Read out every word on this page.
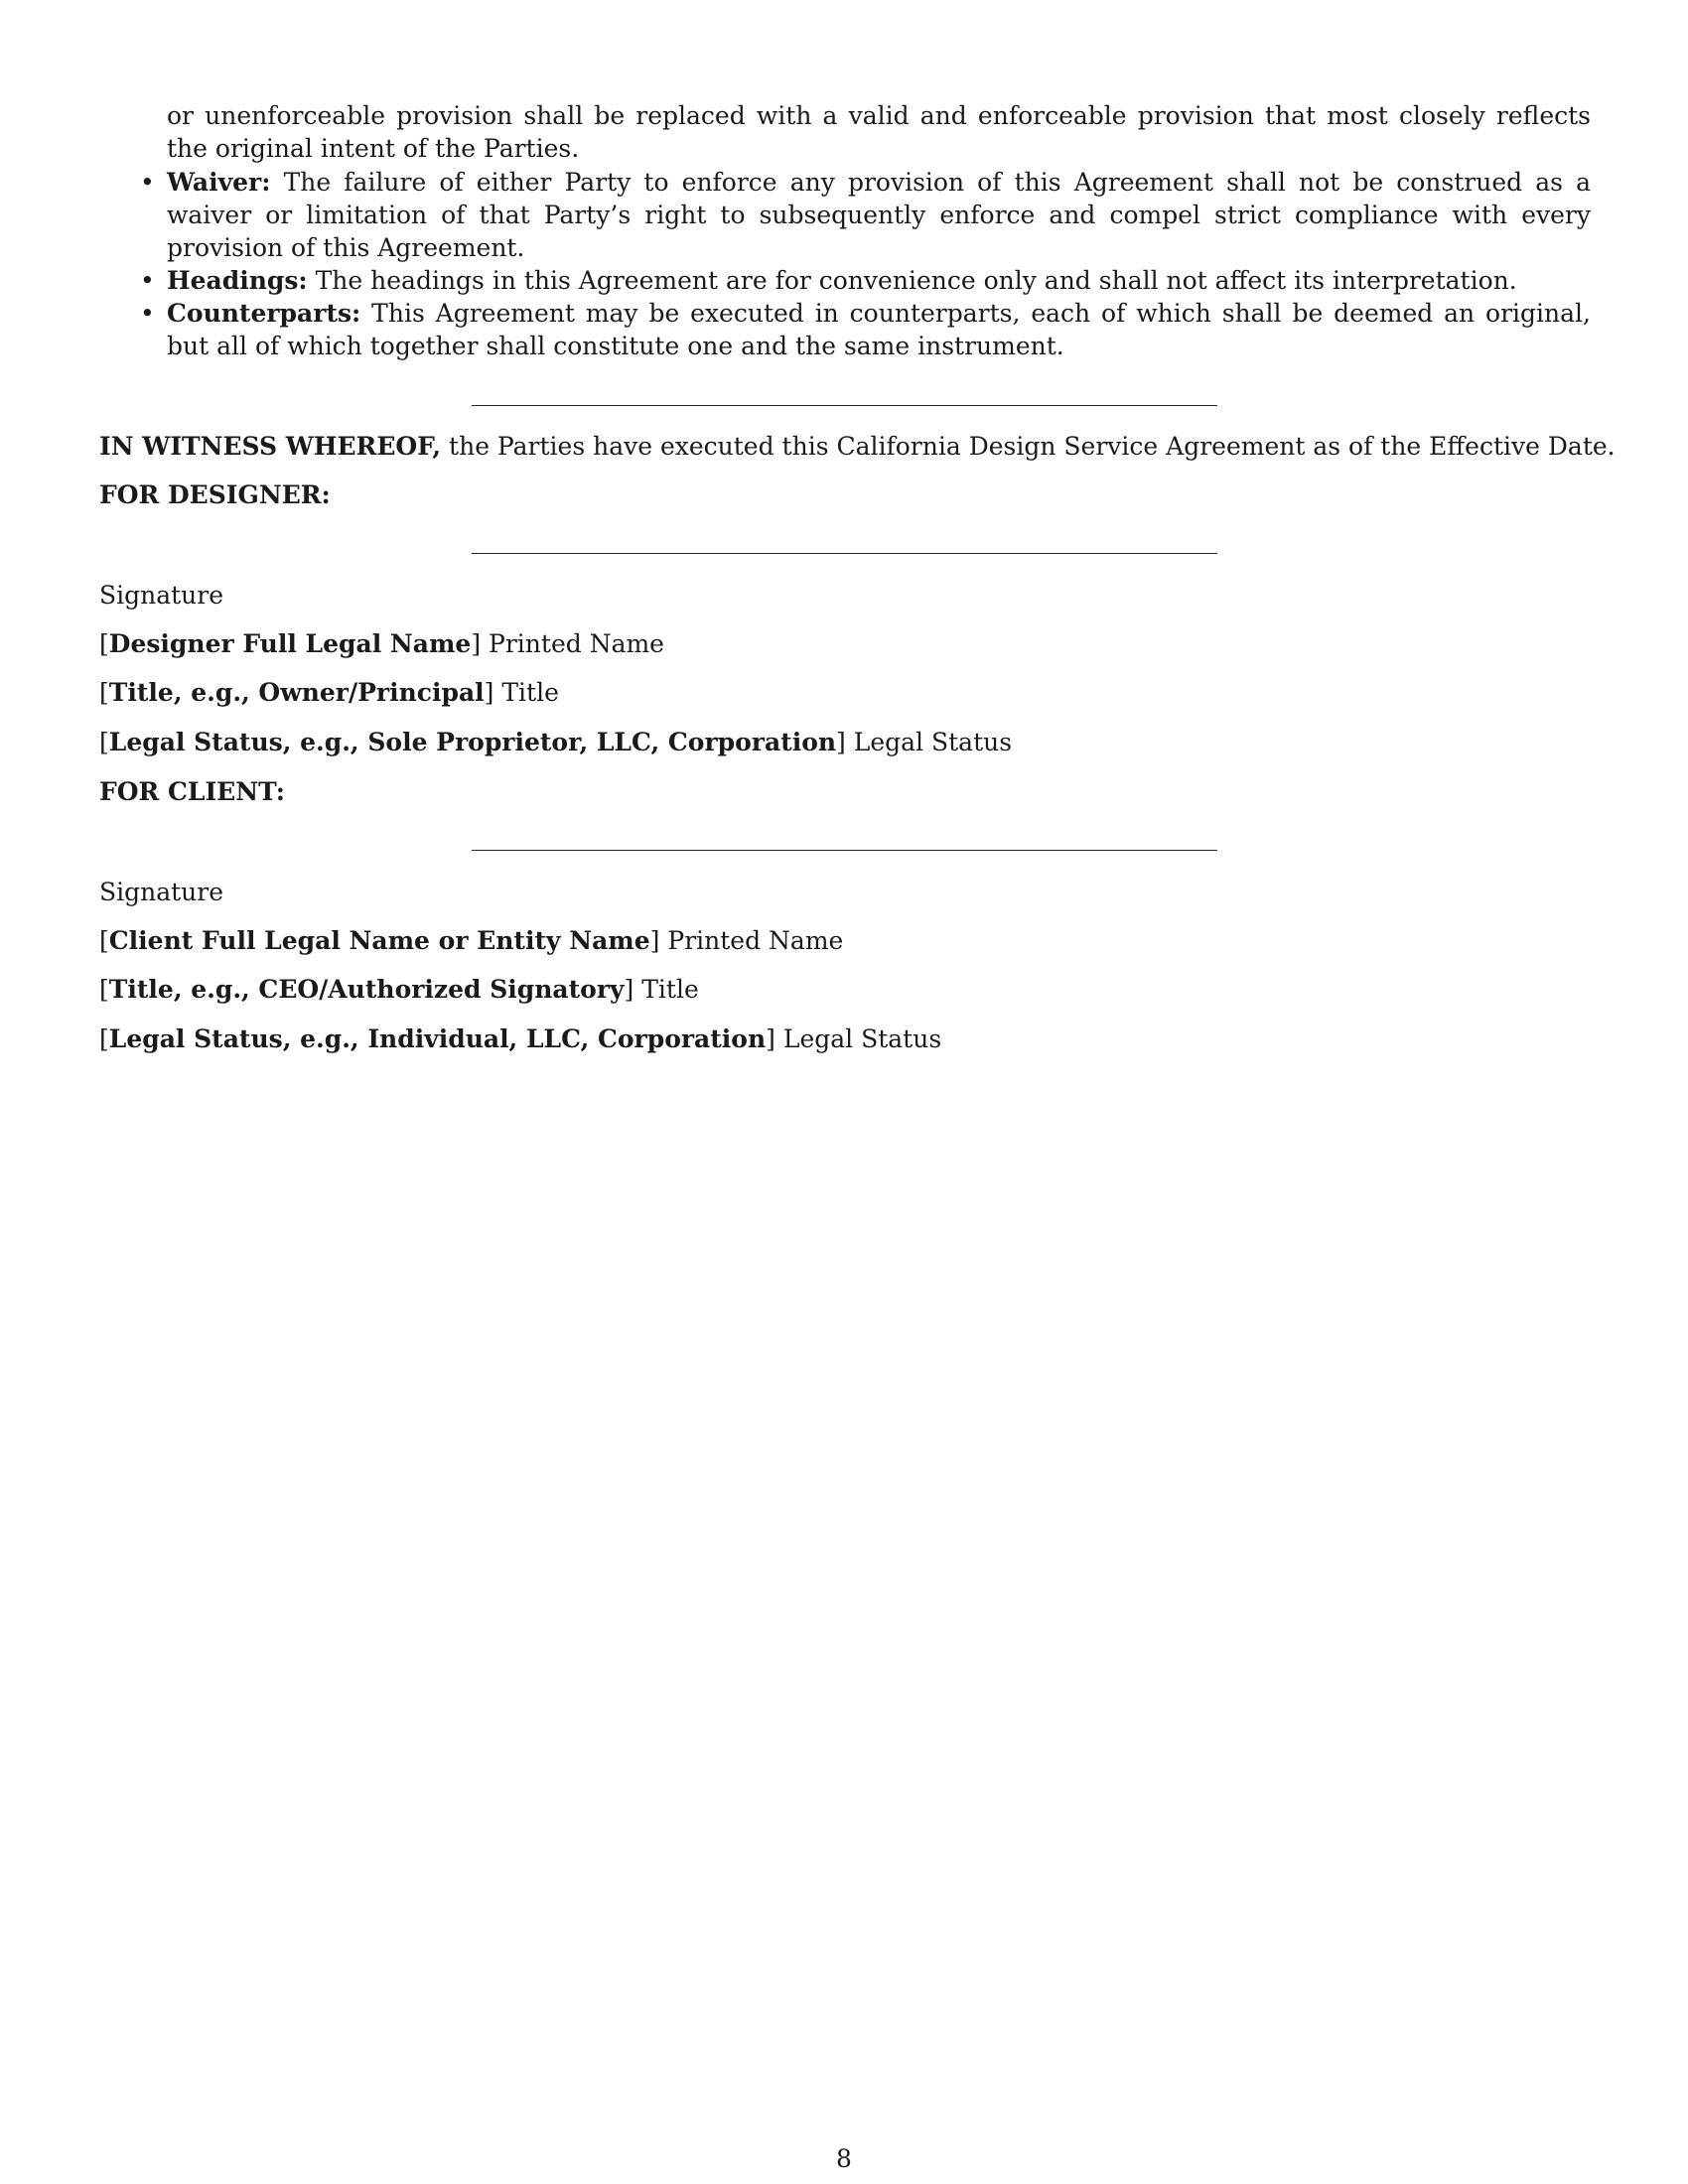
or unenforceable provision shall be replaced with a valid and enforceable provision that most closely reflects the original intent of the Parties.
• Waiver: The failure of either Party to enforce any provision of this Agreement shall not be construed as a waiver or limitation of that Party’s right to subsequently enforce and compel strict compliance with every provision of this Agreement.
• Headings: The headings in this Agreement are for convenience only and shall not affect its interpretation.
• Counterparts: This Agreement may be executed in counterparts, each of which shall be deemed an original, but all of which together shall constitute one and the same instrument.
IN WITNESS WHEREOF, the Parties have executed this California Design Service Agreement as of the Effective Date.
FOR DESIGNER:
Signature
[Designer Full Legal Name] Printed Name
[Title, e.g., Owner/Principal] Title
[Legal Status, e.g., Sole Proprietor, LLC, Corporation] Legal Status
FOR CLIENT:
Signature
[Client Full Legal Name or Entity Name] Printed Name
[Title, e.g., CEO/Authorized Signatory] Title
[Legal Status, e.g., Individual, LLC, Corporation] Legal Status
8
